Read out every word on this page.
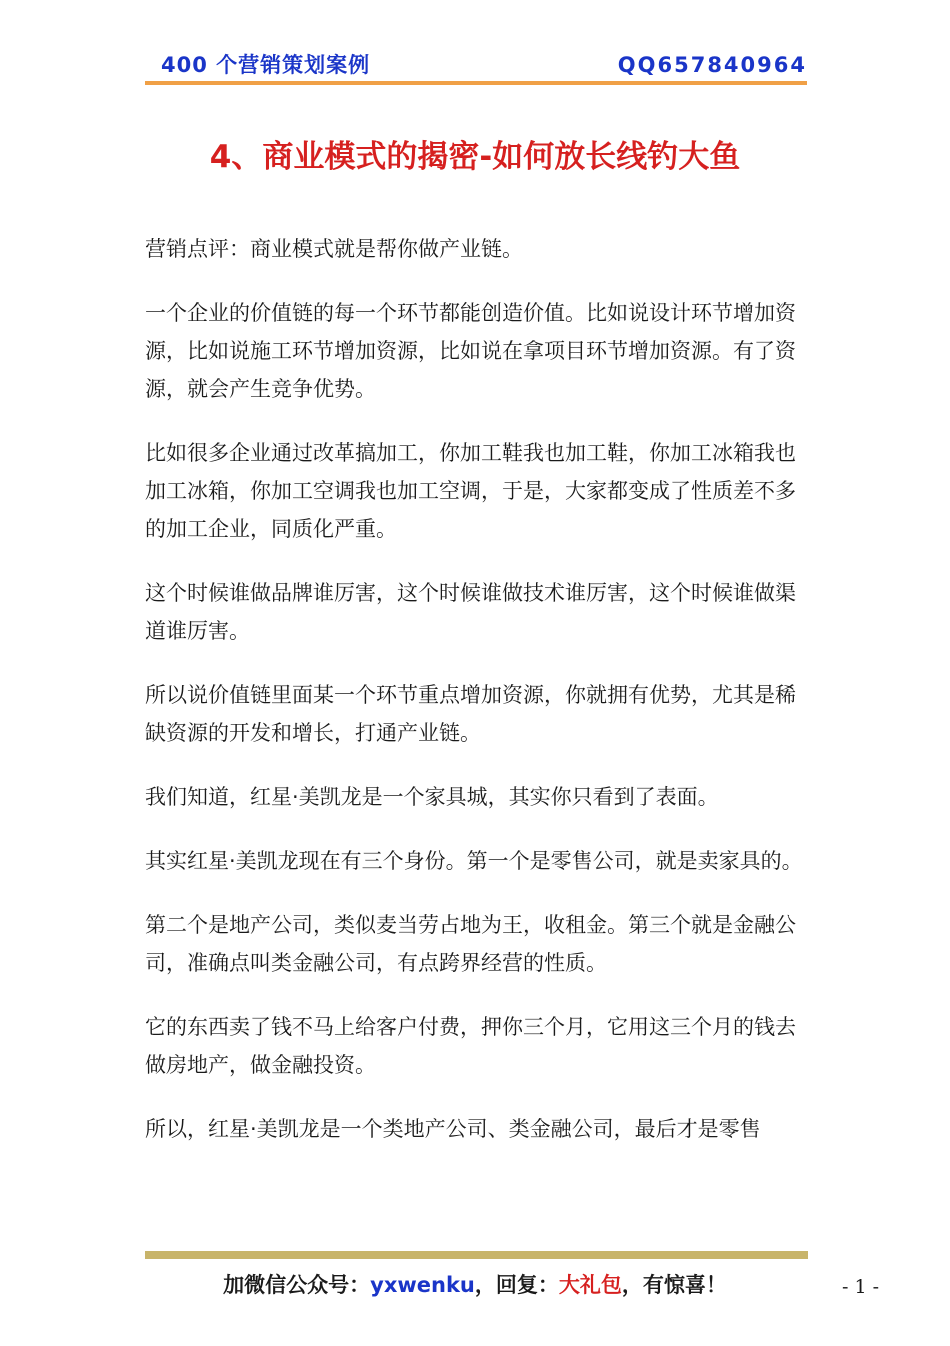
400 个营销策划案例	QQ657840964
4、商业模式的揭密-如何放长线钓大鱼

营销点评：商业模式就是帮你做产业链。

一个企业的价值链的每一个环节都能创造价值。比如说设计环节增加资源，比如说施工环节增加资源，比如说在拿项目环节增加资源。有了资源，就会产生竞争优势。

比如很多企业通过改革搞加工，你加工鞋我也加工鞋，你加工冰箱我也加工冰箱，你加工空调我也加工空调，于是，大家都变成了性质差不多的加工企业，同质化严重。

这个时候谁做品牌谁厉害，这个时候谁做技术谁厉害，这个时候谁做渠道谁厉害。

所以说价值链里面某一个环节重点增加资源，你就拥有优势，尤其是稀缺资源的开发和增长，打通产业链。

我们知道，红星·美凯龙是一个家具城，其实你只看到了表面。

其实红星·美凯龙现在有三个身份。第一个是零售公司，就是卖家具的。

第二个是地产公司，类似麦当劳占地为王，收租金。第三个就是金融公司，准确点叫类金融公司，有点跨界经营的性质。

它的东西卖了钱不马上给客户付费，押你三个月，它用这三个月的钱去做房地产，做金融投资。

所以，红星·美凯龙是一个类地产公司、类金融公司，最后才是零售

加微信公众号：yxwenku，回复：大礼包，有惊喜！	- 1 -
